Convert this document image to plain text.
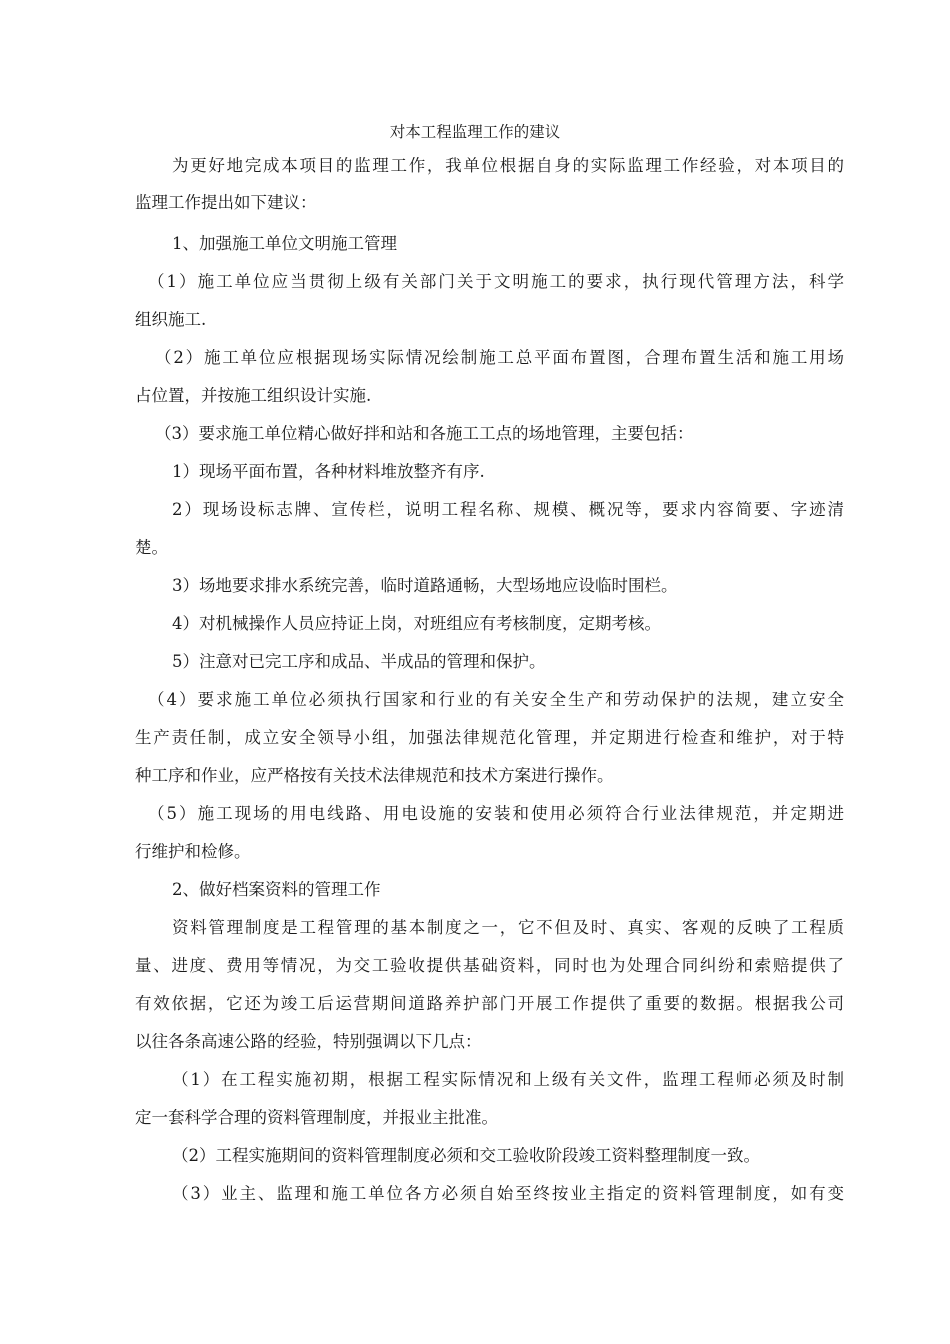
对本工程监理工作的建议
为更好地完成本项目的监理工作，我单位根据自身的实际监理工作经验，对本项目的
监理工作提出如下建议：
1、加强施工单位文明施工管理
（1）施工单位应当贯彻上级有关部门关于文明施工的要求，执行现代管理方法，科学
组织施工.
（2）施工单位应根据现场实际情况绘制施工总平面布置图，合理布置生活和施工用场
占位置，并按施工组织设计实施.
（3）要求施工单位精心做好拌和站和各施工工点的场地管理，主要包括：
1）现场平面布置，各种材料堆放整齐有序.
2）现场设标志牌、宣传栏，说明工程名称、规模、概况等，要求内容简要、字迹清
楚。
3）场地要求排水系统完善，临时道路通畅，大型场地应设临时围栏。
4）对机械操作人员应持证上岗，对班组应有考核制度，定期考核。
5）注意对已完工序和成品、半成品的管理和保护。
（4）要求施工单位必须执行国家和行业的有关安全生产和劳动保护的法规，建立安全
生产责任制，成立安全领导小组，加强法律规范化管理，并定期进行检查和维护，对于特
种工序和作业，应严格按有关技术法律规范和技术方案进行操作。
（5）施工现场的用电线路、用电设施的安装和使用必须符合行业法律规范，并定期进
行维护和检修。
2、做好档案资料的管理工作
资料管理制度是工程管理的基本制度之一，它不但及时、真实、客观的反映了工程质
量、进度、费用等情况，为交工验收提供基础资料，同时也为处理合同纠纷和索赔提供了
有效依据，它还为竣工后运营期间道路养护部门开展工作提供了重要的数据。根据我公司
以往各条高速公路的经验，特别强调以下几点：
（1）在工程实施初期，根据工程实际情况和上级有关文件，监理工程师必须及时制
定一套科学合理的资料管理制度，并报业主批准。
（2）工程实施期间的资料管理制度必须和交工验收阶段竣工资料整理制度一致。
（3）业主、监理和施工单位各方必须自始至终按业主指定的资料管理制度，如有变
